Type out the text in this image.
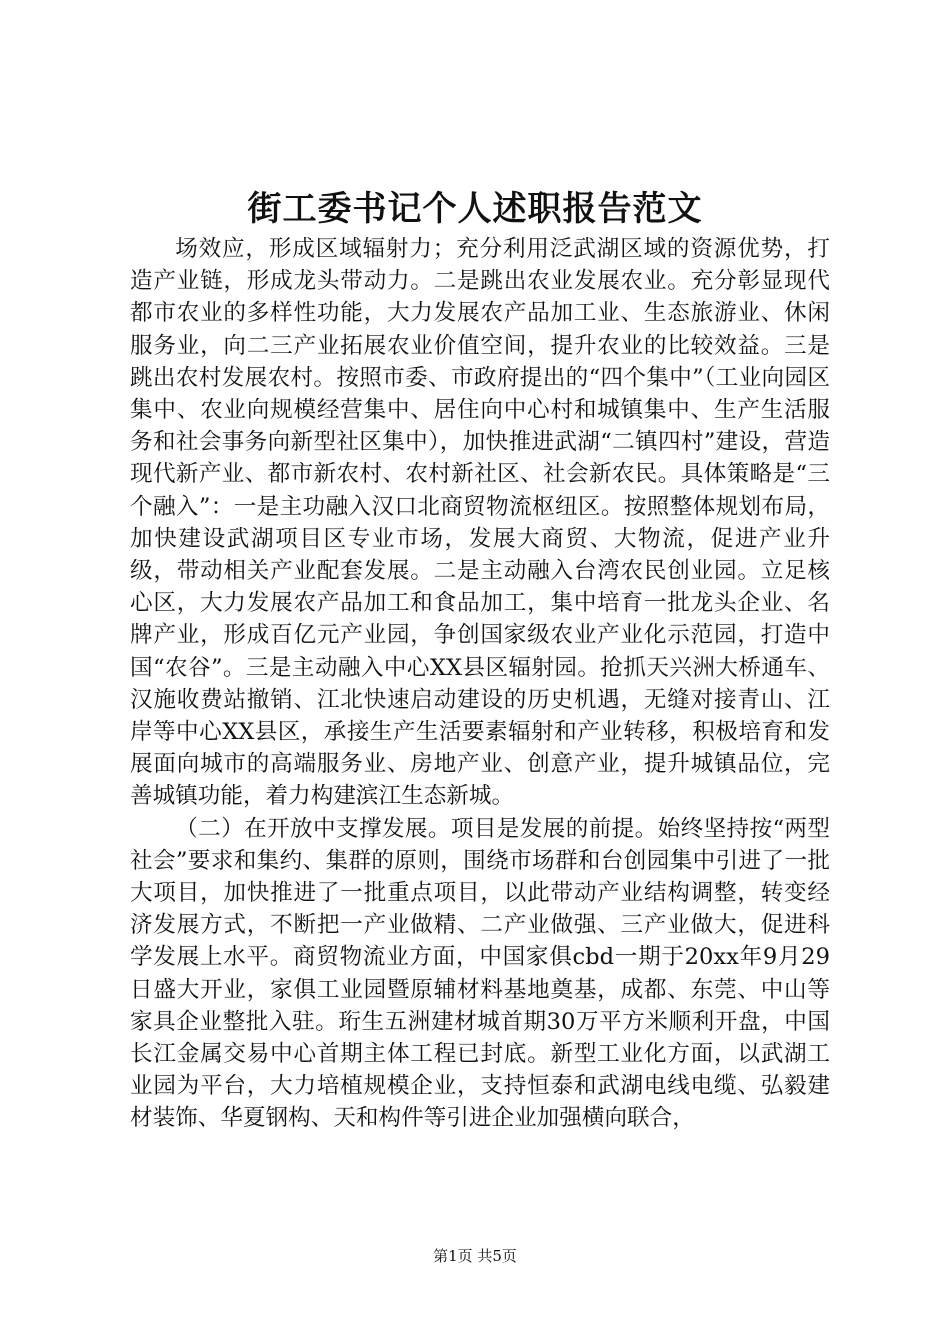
街工委书记个人述职报告范文

场效应，形成区域辐射力；充分利用泛武湖区域的资源优势，打造产业链，形成龙头带动力。二是跳出农业发展农业。充分彰显现代都市农业的多样性功能，大力发展农产品加工业、生态旅游业、休闲服务业，向二三产业拓展农业价值空间，提升农业的比较效益。三是跳出农村发展农村。按照市委、市政府提出的“四个集中”（工业向园区集中、农业向规模经营集中、居住向中心村和城镇集中、生产生活服务和社会事务向新型社区集中），加快推进武湖“二镇四村”建设，营造现代新产业、都市新农村、农村新社区、社会新农民。具体策略是“三个融入”：一是主功融入汉口北商贸物流枢纽区。按照整体规划布局，加快建设武湖项目区专业市场，发展大商贸、大物流，促进产业升级，带动相关产业配套发展。二是主动融入台湾农民创业园。立足核心区，大力发展农产品加工和食品加工，集中培育一批龙头企业、名牌产业，形成百亿元产业园，争创国家级农业产业化示范园，打造中国“农谷”。三是主动融入中心XX县区辐射园。抢抓天兴洲大桥通车、汉施收费站撤销、江北快速启动建设的历史机遇，无缝对接青山、江岸等中心XX县区，承接生产生活要素辐射和产业转移，积极培育和发展面向城市的高端服务业、房地产业、创意产业，提升城镇品位，完善城镇功能，着力构建滨江生态新城。

（二）在开放中支撑发展。项目是发展的前提。始终坚持按“两型社会”要求和集约、集群的原则，围绕市场群和台创园集中引进了一批大项目，加快推进了一批重点项目，以此带动产业结构调整，转变经济发展方式，不断把一产业做精、二产业做强、三产业做大，促进科学发展上水平。商贸物流业方面，中国家俱cbd一期于20xx年9月29日盛大开业，家俱工业园暨原辅材料基地奠基，成都、东莞、中山等家具企业整批入驻。珩生五洲建材城首期30万平方米顺利开盘，中国长江金属交易中心首期主体工程已封底。新型工业化方面，以武湖工业园为平台，大力培植规模企业，支持恒泰和武湖电线电缆、弘毅建材装饰、华夏钢构、天和构件等引进企业加强横向联合，

第1页 共5页
